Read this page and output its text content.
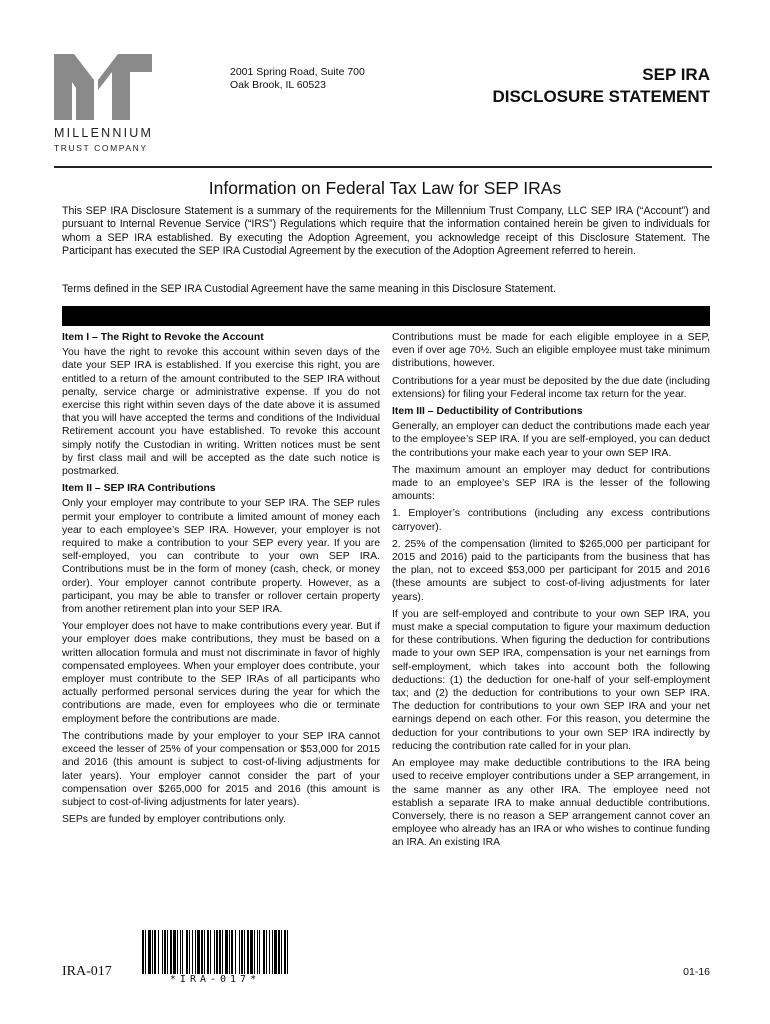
MILLENNIUM
TRUST COMPANY
2001 Spring Road, Suite 700
Oak Brook, IL 60523
SEP IRA
DISCLOSURE STATEMENT
Information on Federal Tax Law for SEP IRAs
This SEP IRA Disclosure Statement is a summary of the requirements for the Millennium Trust Company, LLC SEP IRA (“Account”) and pursuant to Internal Revenue Service (“IRS”) Regulations which require that the information contained herein be given to individuals for whom a SEP IRA established. By executing the Adoption Agreement, you acknowledge receipt of this Disclosure Statement. The Participant has executed the SEP IRA Custodial Agreement by the execution of the Adoption Agreement referred to herein.
Terms defined in the SEP IRA Custodial Agreement have the same meaning in this Disclosure Statement.
Item I – The Right to Revoke the Account

You have the right to revoke this account within seven days of the date your SEP IRA is established. If you exercise this right, you are entitled to a return of the amount contributed to the SEP IRA without penalty, service charge or administrative expense. If you do not exercise this right within seven days of the date above it is assumed that you will have accepted the terms and conditions of the Individual Retirement account you have established. To revoke this account simply notify the Custodian in writing. Written notices must be sent by first class mail and will be accepted as the date such notice is postmarked.

Item II – SEP IRA Contributions

Only your employer may contribute to your SEP IRA. The SEP rules permit your employer to contribute a limited amount of money each year to each employee’s SEP IRA. However, your employer is not required to make a contribution to your SEP every year. If you are self-employed, you can contribute to your own SEP IRA. Contributions must be in the form of money (cash, check, or money order). Your employer cannot contribute property. However, as a participant, you may be able to transfer or rollover certain property from another retirement plan into your SEP IRA.

Your employer does not have to make contributions every year. But if your employer does make contributions, they must be based on a written allocation formula and must not discriminate in favor of highly compensated employees. When your employer does contribute, your employer must contribute to the SEP IRAs of all participants who actually performed personal services during the year for which the contributions are made, even for employees who die or terminate employment before the contributions are made.

The contributions made by your employer to your SEP IRA cannot exceed the lesser of 25% of your compensation or $53,000 for 2015 and 2016 (this amount is subject to cost-of-living adjustments for later years). Your employer cannot consider the part of your compensation over $265,000 for 2015 and 2016 (this amount is subject to cost-of-living adjustments for later years).

SEPs are funded by employer contributions only.

Contributions must be made for each eligible employee in a SEP, even if over age 70½. Such an eligible employee must take minimum distributions, however.

Contributions for a year must be deposited by the due date (including extensions) for filing your Federal income tax return for the year.

Item III – Deductibility of Contributions

Generally, an employer can deduct the contributions made each year to the employee’s SEP IRA. If you are self-employed, you can deduct the contributions your make each year to your own SEP IRA.

The maximum amount an employer may deduct for contributions made to an employee’s SEP IRA is the lesser of the following amounts:

1. Employer’s contributions (including any excess contributions carryover).

2. 25% of the compensation (limited to $265,000 per participant for 2015 and 2016) paid to the participants from the business that has the plan, not to exceed $53,000 per participant for 2015 and 2016 (these amounts are subject to cost-of-living adjustments for later years).

If you are self-employed and contribute to your own SEP IRA, you must make a special computation to figure your maximum deduction for these contributions. When figuring the deduction for contributions made to your own SEP IRA, compensation is your net earnings from self-employment, which takes into account both the following deductions: (1) the deduction for one-half of your self-employment tax; and (2) the deduction for contributions to your own SEP IRA. The deduction for contributions to your own SEP IRA and your net earnings depend on each other. For this reason, you determine the deduction for your contributions to your own SEP IRA indirectly by reducing the contribution rate called for in your plan.

An employee may make deductible contributions to the IRA being used to receive employer contributions under a SEP arrangement, in the same manner as any other IRA. The employee need not establish a separate IRA to make annual deductible contributions. Conversely, there is no reason a SEP arrangement cannot cover an employee who already has an IRA or who wishes to continue funding an IRA. An existing IRA

IRA-017
*IRA-017*
01-16
